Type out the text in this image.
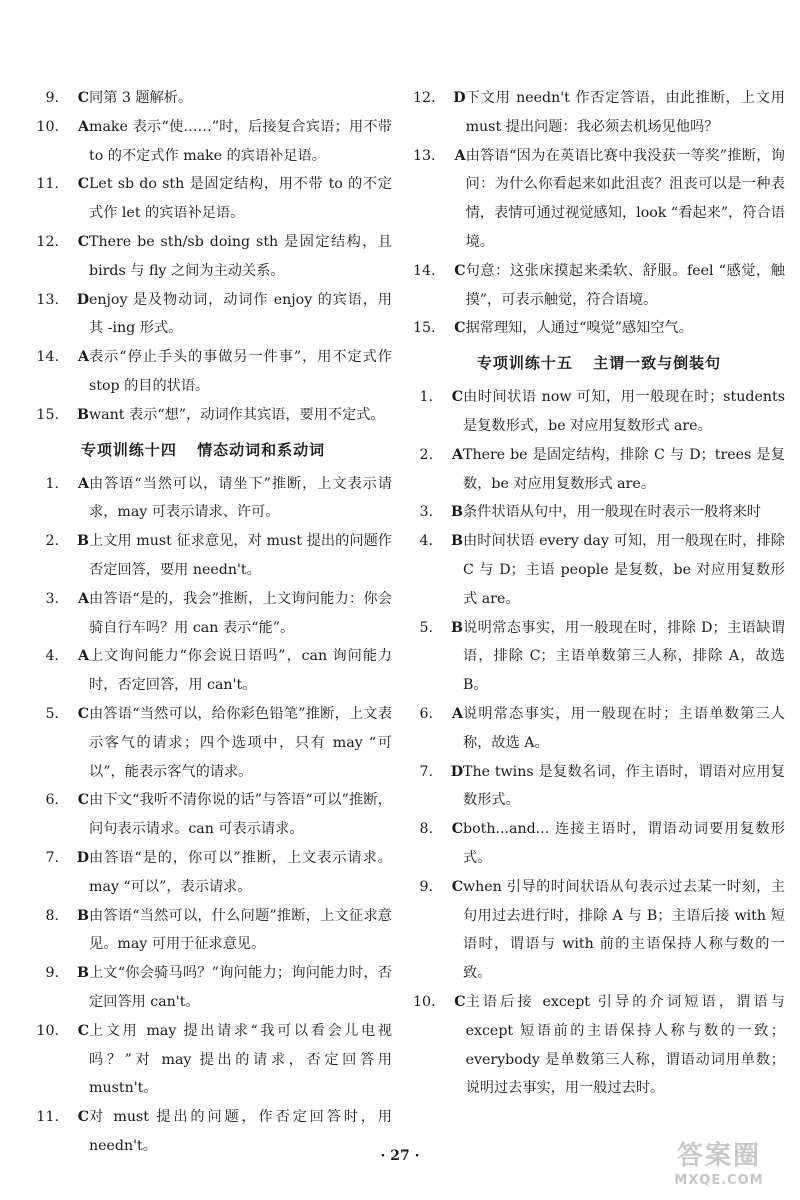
9.	C 同第 3 题解析。
10.	A make 表示“使……”时，后接复合宾语；用不带 to 的不定式作 make 的宾语补足语。
11.	C Let sb do sth 是固定结构，用不带 to 的不定式作 let 的宾语补足语。
12.	C There be sth/sb doing sth 是固定结构，且 birds 与 fly 之间为主动关系。
13.	D enjoy 是及物动词，动词作 enjoy 的宾语，用其 -ing 形式。
14.	A 表示“停止手头的事做另一件事”，用不定式作 stop 的目的状语。
15.	B want 表示“想”，动词作其宾语，要用不定式。
专项训练十四 情态动词和系动词
1.	A 由答语“当然可以，请坐下”推断，上文表示请求，may 可表示请求、许可。
2.	B 上文用 must 征求意见，对 must 提出的问题作否定回答，要用 needn't。
3.	A 由答语“是的，我会”推断，上文询问能力：你会骑自行车吗？用 can 表示“能”。
4.	A 上文询问能力“你会说日语吗”，can 询问能力时，否定回答，用 can't。
5.	C 由答语“当然可以，给你彩色铅笔”推断，上文表示客气的请求；四个选项中，只有 may “可以”，能表示客气的请求。
6.	C 由下文“我听不清你说的话”与答语“可以”推断，问句表示请求。can 可表示请求。
7.	D 由答语“是的，你可以”推断，上文表示请求。may “可以”，表示请求。
8.	B 由答语“当然可以，什么问题”推断，上文征求意见。may 可用于征求意见。
9.	B 上文“你会骑马吗？”询问能力；询问能力时，否定回答用 can't。
10.	C 上文用 may 提出请求“我可以看会儿电视吗？”对 may 提出的请求，否定回答用 mustn't。
11.	C 对 must 提出的问题，作否定回答时，用 needn't。
12.	D 下文用 needn't 作否定答语，由此推断，上文用 must 提出问题：我必须去机场见他吗？
13.	A 由答语“因为在英语比赛中我没获一等奖”推断，询问：为什么你看起来如此沮丧？沮丧可以是一种表情，表情可通过视觉感知，look “看起来”，符合语境。
14.	C 句意：这张床摸起来柔软、舒服。feel “感觉，触摸”，可表示触觉，符合语境。
15.	C 据常理知，人通过“嗅觉”感知空气。
专项训练十五 主谓一致与倒装句
1.	C 由时间状语 now 可知，用一般现在时；students 是复数形式，be 对应用复数形式 are。
2.	A There be 是固定结构，排除 C 与 D；trees 是复数，be 对应用复数形式 are。
3.	B 条件状语从句中，用一般现在时表示一般将来时
4.	B 由时间状语 every day 可知，用一般现在时，排除 C 与 D；主语 people 是复数，be 对应用复数形式 are。
5.	B 说明常态事实，用一般现在时，排除 D；主语缺谓语，排除 C；主语单数第三人称，排除 A，故选 B。
6.	A 说明常态事实，用一般现在时；主语单数第三人称，故选 A。
7.	D The twins 是复数名词，作主语时，谓语对应用复数形式。
8.	C both...and... 连接主语时，谓语动词要用复数形式。
9.	C when 引导的时间状语从句表示过去某一时刻，主句用过去进行时，排除 A 与 B；主语后接 with 短语时，谓语与 with 前的主语保持人称与数的一致。
10.	C 主语后接 except 引导的介词短语，谓语与 except 短语前的主语保持人称与数的一致；everybody 是单数第三人称，谓语动词用单数；说明过去事实，用一般过去时。
· 27 ·	答案圈
MXQE.COM
